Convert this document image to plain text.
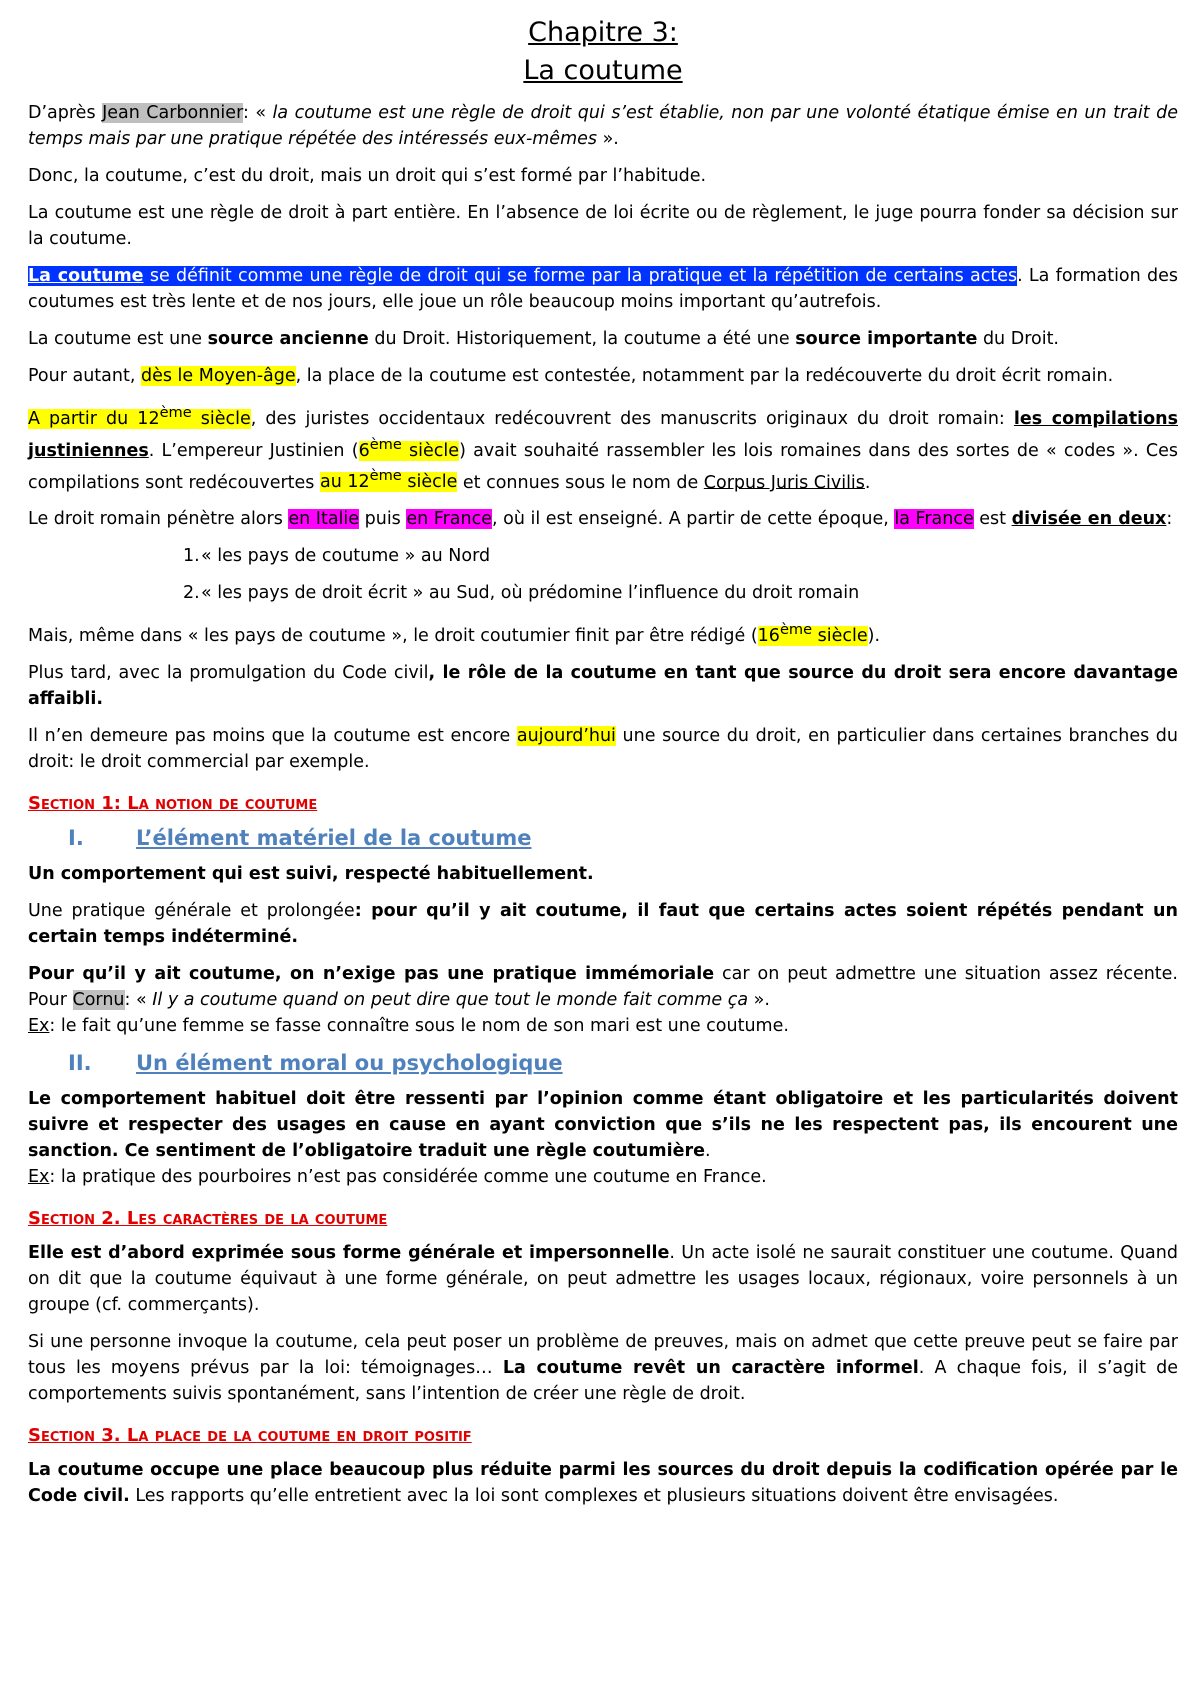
Chapitre 3:
La coutume

D’après Jean Carbonnier: « la coutume est une règle de droit qui s’est établie, non par une volonté étatique émise en un trait de temps mais par une pratique répétée des intéressés eux-mêmes ».

Donc, la coutume, c’est du droit, mais un droit qui s’est formé par l’habitude.

La coutume est une règle de droit à part entière. En l’absence de loi écrite ou de règlement, le juge pourra fonder sa décision sur la coutume.

La coutume se définit comme une règle de droit qui se forme par la pratique et la répétition de certains actes. La formation des coutumes est très lente et de nos jours, elle joue un rôle beaucoup moins important qu’autrefois.

La coutume est une source ancienne du Droit. Historiquement, la coutume a été une source importante du Droit.

Pour autant, dès le Moyen-âge, la place de la coutume est contestée, notamment par la redécouverte du droit écrit romain.

A partir du 12ème siècle, des juristes occidentaux redécouvrent des manuscrits originaux du droit romain: les compilations justiniennes. L’empereur Justinien (6ème siècle) avait souhaité rassembler les lois romaines dans des sortes de « codes ». Ces compilations sont redécouvertes au 12ème siècle et connues sous le nom de Corpus Juris Civilis.

Le droit romain pénètre alors en Italie puis en France, où il est enseigné. A partir de cette époque, la France est divisée en deux:

1.« les pays de coutume » au Nord
2.« les pays de droit écrit » au Sud, où prédomine l’influence du droit romain

Mais, même dans « les pays de coutume », le droit coutumier finit par être rédigé (16ème siècle).

Plus tard, avec la promulgation du Code civil, le rôle de la coutume en tant que source du droit sera encore davantage affaibli.

Il n’en demeure pas moins que la coutume est encore aujourd’hui une source du droit, en particulier dans certaines branches du droit: le droit commercial par exemple.

Section 1: La notion de coutume
I. L’élément matériel de la coutume

Un comportement qui est suivi, respecté habituellement.

Une pratique générale et prolongée: pour qu’il y ait coutume, il faut que certains actes soient répétés pendant un certain temps indéterminé.

Pour qu’il y ait coutume, on n’exige pas une pratique immémoriale car on peut admettre une situation assez récente. Pour Cornu: « Il y a coutume quand on peut dire que tout le monde fait comme ça ».

Ex: le fait qu’une femme se fasse connaître sous le nom de son mari est une coutume.

II. Un élément moral ou psychologique

Le comportement habituel doit être ressenti par l’opinion comme étant obligatoire et les particularités doivent suivre et respecter des usages en cause en ayant conviction que s’ils ne les respectent pas, ils encourent une sanction. Ce sentiment de l’obligatoire traduit une règle coutumière.

Ex: la pratique des pourboires n’est pas considérée comme une coutume en France.

Section 2. Les caractères de la coutume

Elle est d’abord exprimée sous forme générale et impersonnelle. Un acte isolé ne saurait constituer une coutume. Quand on dit que la coutume équivaut à une forme générale, on peut admettre les usages locaux, régionaux, voire personnels à un groupe (cf. commerçants).

Si une personne invoque la coutume, cela peut poser un problème de preuves, mais on admet que cette preuve peut se faire par tous les moyens prévus par la loi: témoignages… La coutume revêt un caractère informel. A chaque fois, il s’agit de comportements suivis spontanément, sans l’intention de créer une règle de droit.

Section 3. La place de la coutume en droit positif

La coutume occupe une place beaucoup plus réduite parmi les sources du droit depuis la codification opérée par le Code civil. Les rapports qu’elle entretient avec la loi sont complexes et plusieurs situations doivent être envisagées.
